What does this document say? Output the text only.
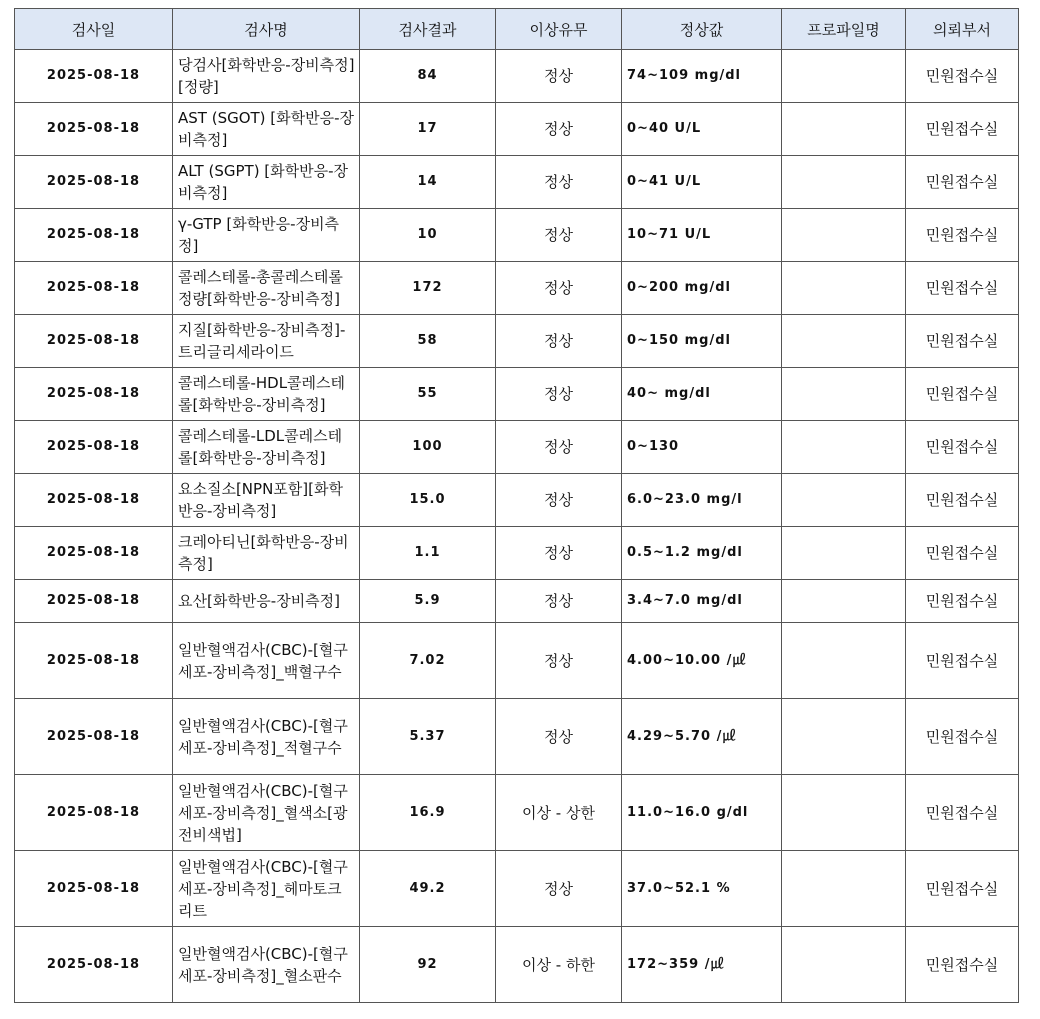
검사일	검사명	검사결과	이상유무	정상값	프로파일명	의뢰부서
2025-08-18	당검사[화학반응-장비측정][정량]	84	정상	74~109 mg/dl		민원접수실
2025-08-18	AST (SGOT) [화학반응-장비측정]	17	정상	0~40 U/L		민원접수실
2025-08-18	ALT (SGPT) [화학반응-장비측정]	14	정상	0~41 U/L		민원접수실
2025-08-18	γ-GTP [화학반응-장비측정]	10	정상	10~71 U/L		민원접수실
2025-08-18	콜레스테롤-총콜레스테롤정량[화학반응-장비측정]	172	정상	0~200 mg/dl		민원접수실
2025-08-18	지질[화학반응-장비측정]-트리글리세라이드	58	정상	0~150 mg/dl		민원접수실
2025-08-18	콜레스테롤-HDL콜레스테롤[화학반응-장비측정]	55	정상	40~ mg/dl		민원접수실
2025-08-18	콜레스테롤-LDL콜레스테롤[화학반응-장비측정]	100	정상	0~130		민원접수실
2025-08-18	요소질소[NPN포함][화학반응-장비측정]	15.0	정상	6.0~23.0 mg/l		민원접수실
2025-08-18	크레아티닌[화학반응-장비측정]	1.1	정상	0.5~1.2 mg/dl		민원접수실
2025-08-18	요산[화학반응-장비측정]	5.9	정상	3.4~7.0 mg/dl		민원접수실
2025-08-18	일반혈액검사(CBC)-[혈구세포-장비측정]_백혈구수	7.02	정상	4.00~10.00 /㎕		민원접수실
2025-08-18	일반혈액검사(CBC)-[혈구세포-장비측정]_적혈구수	5.37	정상	4.29~5.70 /㎕		민원접수실
2025-08-18	일반혈액검사(CBC)-[혈구세포-장비측정]_혈색소[광전비색법]	16.9	이상 - 상한	11.0~16.0 g/dl		민원접수실
2025-08-18	일반혈액검사(CBC)-[혈구세포-장비측정]_헤마토크리트	49.2	정상	37.0~52.1 %		민원접수실
2025-08-18	일반혈액검사(CBC)-[혈구세포-장비측정]_혈소판수	92	이상 - 하한	172~359 /㎕		민원접수실
